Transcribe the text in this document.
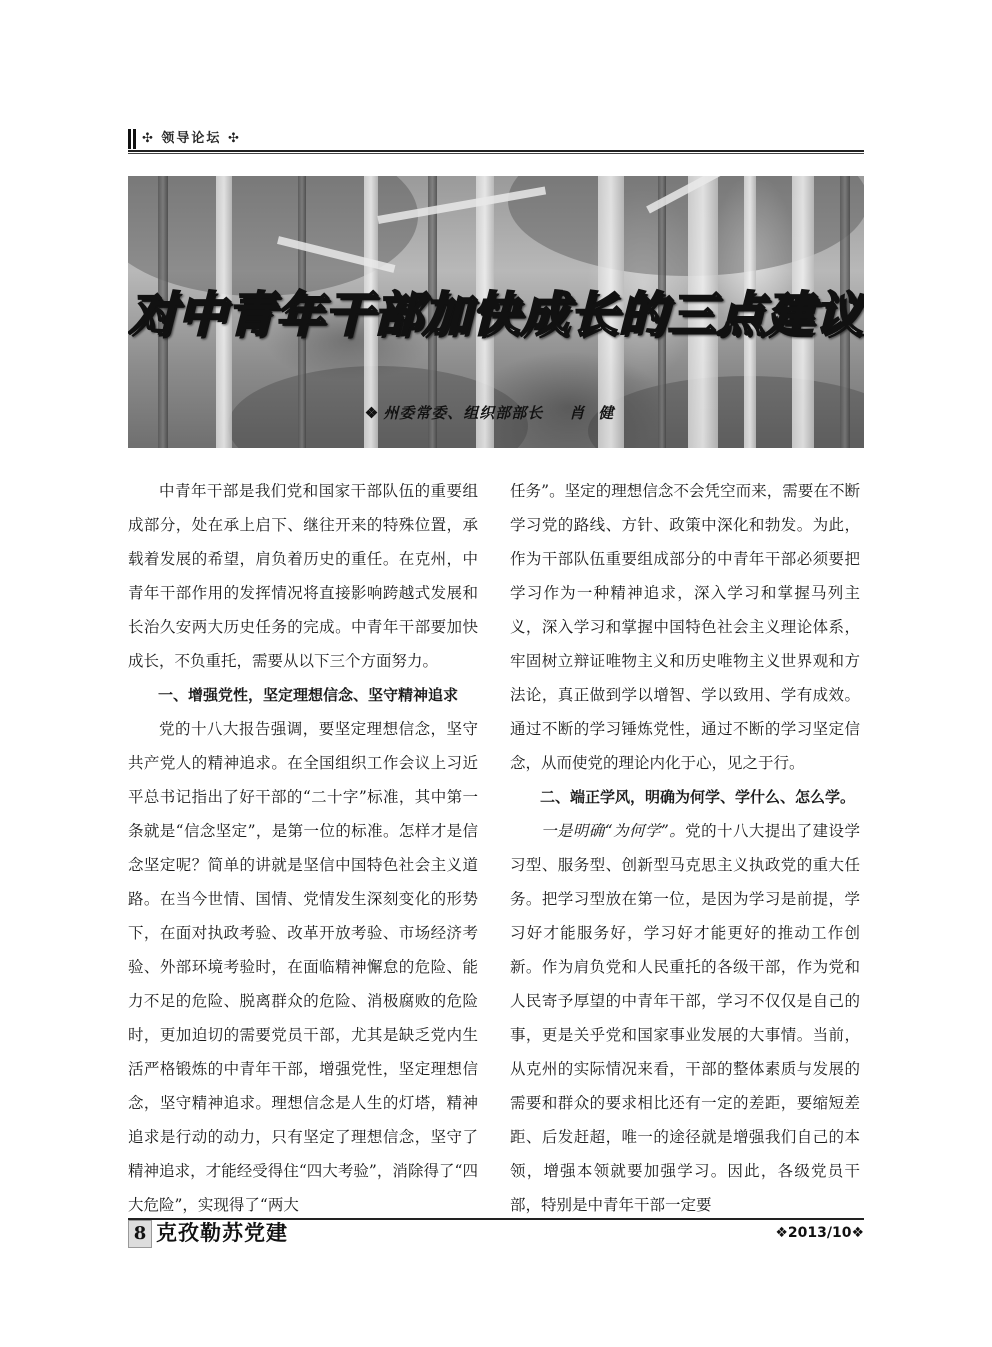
✣ 领导论坛 ✣
对中青年干部加快成长的三点建议
❖ 州委常委、组织部部长 肖健

中青年干部是我们党和国家干部队伍的重要组成部分，处在承上启下、继往开来的特殊位置，承载着发展的希望，肩负着历史的重任。在克州，中青年干部作用的发挥情况将直接影响跨越式发展和长治久安两大历史任务的完成。中青年干部要加快成长，不负重托，需要从以下三个方面努力。

一、增强党性，坚定理想信念、坚守精神追求

党的十八大报告强调，要坚定理想信念，坚守共产党人的精神追求。在全国组织工作会议上习近平总书记指出了好干部的“二十字”标准，其中第一条就是“信念坚定”，是第一位的标准。怎样才是信念坚定呢？简单的讲就是坚信中国特色社会主义道路。在当今世情、国情、党情发生深刻变化的形势下，在面对执政考验、改革开放考验、市场经济考验、外部环境考验时，在面临精神懈怠的危险、能力不足的危险、脱离群众的危险、消极腐败的危险时，更加迫切的需要党员干部，尤其是缺乏党内生活严格锻炼的中青年干部，增强党性，坚定理想信念，坚守精神追求。理想信念是人生的灯塔，精神追求是行动的动力，只有坚定了理想信念，坚守了精神追求，才能经受得住“四大考验”，消除得了“四大危险”，实现得了“两大

任务”。坚定的理想信念不会凭空而来，需要在不断学习党的路线、方针、政策中深化和勃发。为此，作为干部队伍重要组成部分的中青年干部必须要把学习作为一种精神追求，深入学习和掌握马列主义，深入学习和掌握中国特色社会主义理论体系，牢固树立辩证唯物主义和历史唯物主义世界观和方法论，真正做到学以增智、学以致用、学有成效。通过不断的学习锤炼党性，通过不断的学习坚定信念，从而使党的理论内化于心，见之于行。

二、端正学风，明确为何学、学什么、怎么学。

一是明确“为何学”。党的十八大提出了建设学习型、服务型、创新型马克思主义执政党的重大任务。把学习型放在第一位，是因为学习是前提，学习好才能服务好，学习好才能更好的推动工作创新。作为肩负党和人民重托的各级干部，作为党和人民寄予厚望的中青年干部，学习不仅仅是自己的事，更是关乎党和国家事业发展的大事情。当前，从克州的实际情况来看，干部的整体素质与发展的需要和群众的要求相比还有一定的差距，要缩短差距、后发赶超，唯一的途径就是增强我们自己的本领，增强本领就要加强学习。因此，各级党员干部，特别是中青年干部一定要

8 克孜勒苏党建	❖2013/10❖
